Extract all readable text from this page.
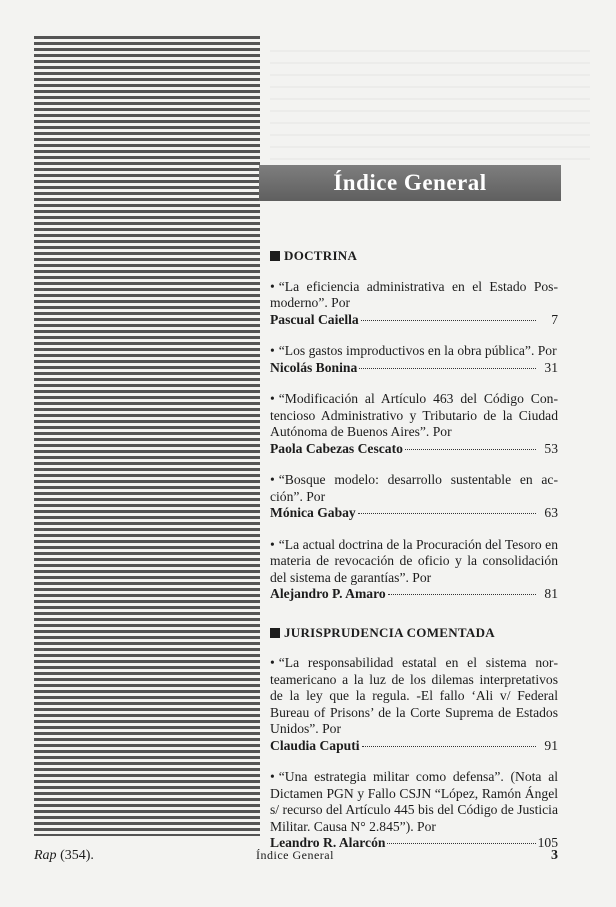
Índice General
DOCTRINA
• “La eficiencia administrativa en el Estado Posmoderno”. Por
Pascual Caiella	7
• “Los gastos improductivos en la obra pública”. Por
Nicolás Bonina	31
• “Modificación al Artículo 463 del Código Contencioso Administrativo y Tributario de la Ciudad Autónoma de Buenos Aires”. Por
Paola Cabezas Cescato	53
• “Bosque modelo: desarrollo sustentable en acción”. Por
Mónica Gabay	63
• “La actual doctrina de la Procuración del Tesoro en materia de revocación de oficio y la consolidación del sistema de garantías”. Por
Alejandro P. Amaro	81
JURISPRUDENCIA COMENTADA
• “La responsabilidad estatal en el sistema norteamericano a la luz de los dilemas interpretativos de la ley que la regula. -El fallo ‘Ali v/ Federal Bureau of Prisons’ de la Corte Suprema de Estados Unidos”. Por
Claudia Caputi	91
• “Una estrategia militar como defensa”. (Nota al Dictamen PGN y Fallo CSJN “López, Ramón Ángel s/ recurso del Artículo 445 bis del Código de Justicia Militar. Causa N° 2.845”). Por
Leandro R. Alarcón	105
Rap (354).	Índice General	3
